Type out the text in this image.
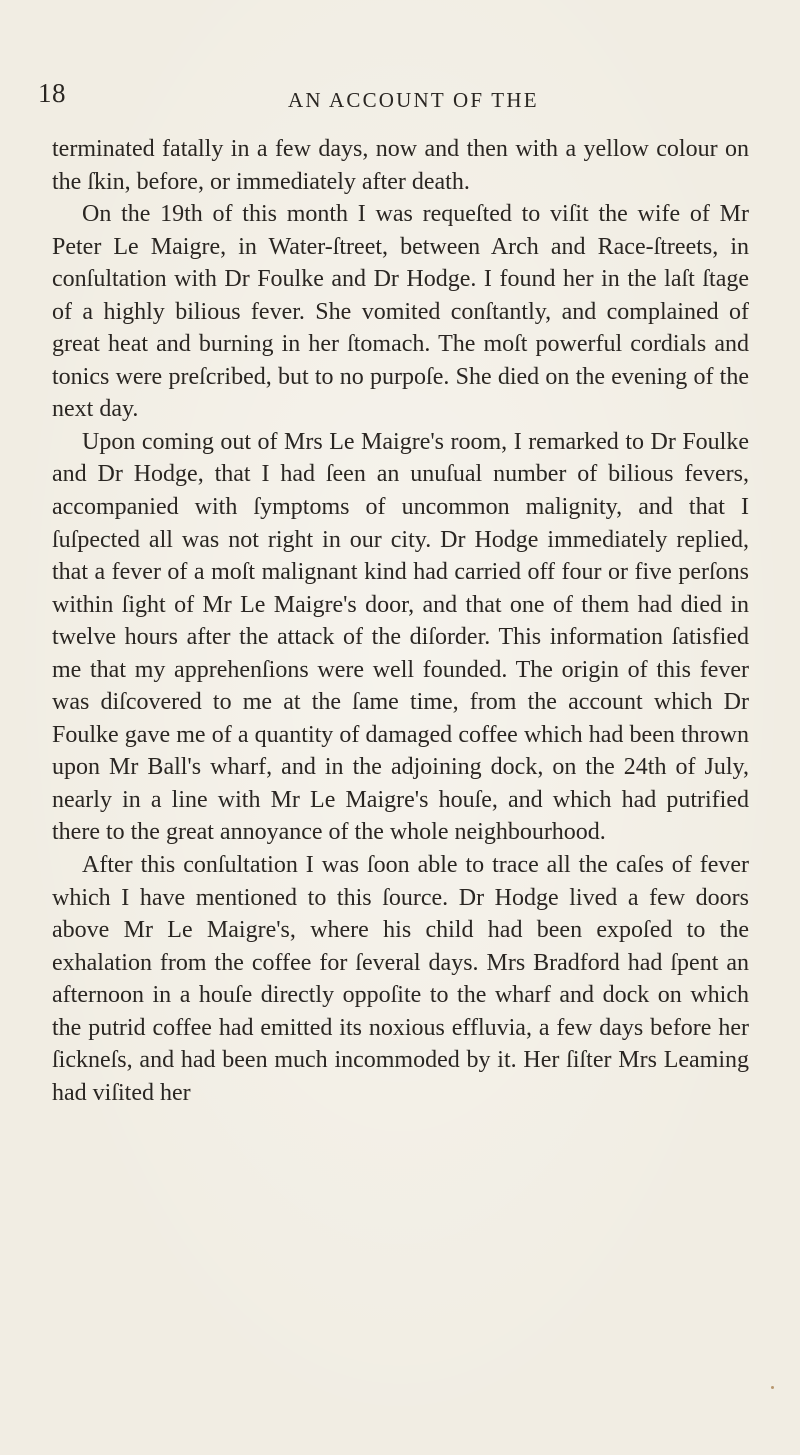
18	AN ACCOUNT OF THE

terminated fatally in a few days, now and then with a yellow colour on the ſkin, before, or immediately after death.

On the 19th of this month I was requeſted to viſit the wife of Mr Peter Le Maigre, in Water-ſtreet, between Arch and Race-ſtreets, in conſultation with Dr Foulke and Dr Hodge. I found her in the laſt ſtage of a highly bilious fever. She vomited conſtantly, and complained of great heat and burning in her ſtomach. The moſt powerful cordials and tonics were preſcribed, but to no purpoſe. She died on the evening of the next day.

Upon coming out of Mrs Le Maigre's room, I remarked to Dr Foulke and Dr Hodge, that I had ſeen an unuſual number of bilious fevers, accompanied with ſymptoms of uncommon malignity, and that I ſuſpected all was not right in our city. Dr Hodge immediately replied, that a fever of a moſt malignant kind had carried off four or five perſons within ſight of Mr Le Maigre's door, and that one of them had died in twelve hours after the attack of the diſorder. This information ſatisfied me that my apprehenſions were well founded. The origin of this fever was diſcovered to me at the ſame time, from the account which Dr Foulke gave me of a quantity of damaged coffee which had been thrown upon Mr Ball's wharf, and in the adjoining dock, on the 24th of July, nearly in a line with Mr Le Maigre's houſe, and which had putrified there to the great annoyance of the whole neighbourhood.

After this conſultation I was ſoon able to trace all the caſes of fever which I have mentioned to this ſource. Dr Hodge lived a few doors above Mr Le Maigre's, where his child had been expoſed to the exhalation from the coffee for ſeveral days. Mrs Bradford had ſpent an afternoon in a houſe directly oppoſite to the wharf and dock on which the putrid coffee had emitted its noxious effluvia, a few days before her ſickneſs, and had been much incommoded by it. Her ſiſter Mrs Leaming had viſited her
